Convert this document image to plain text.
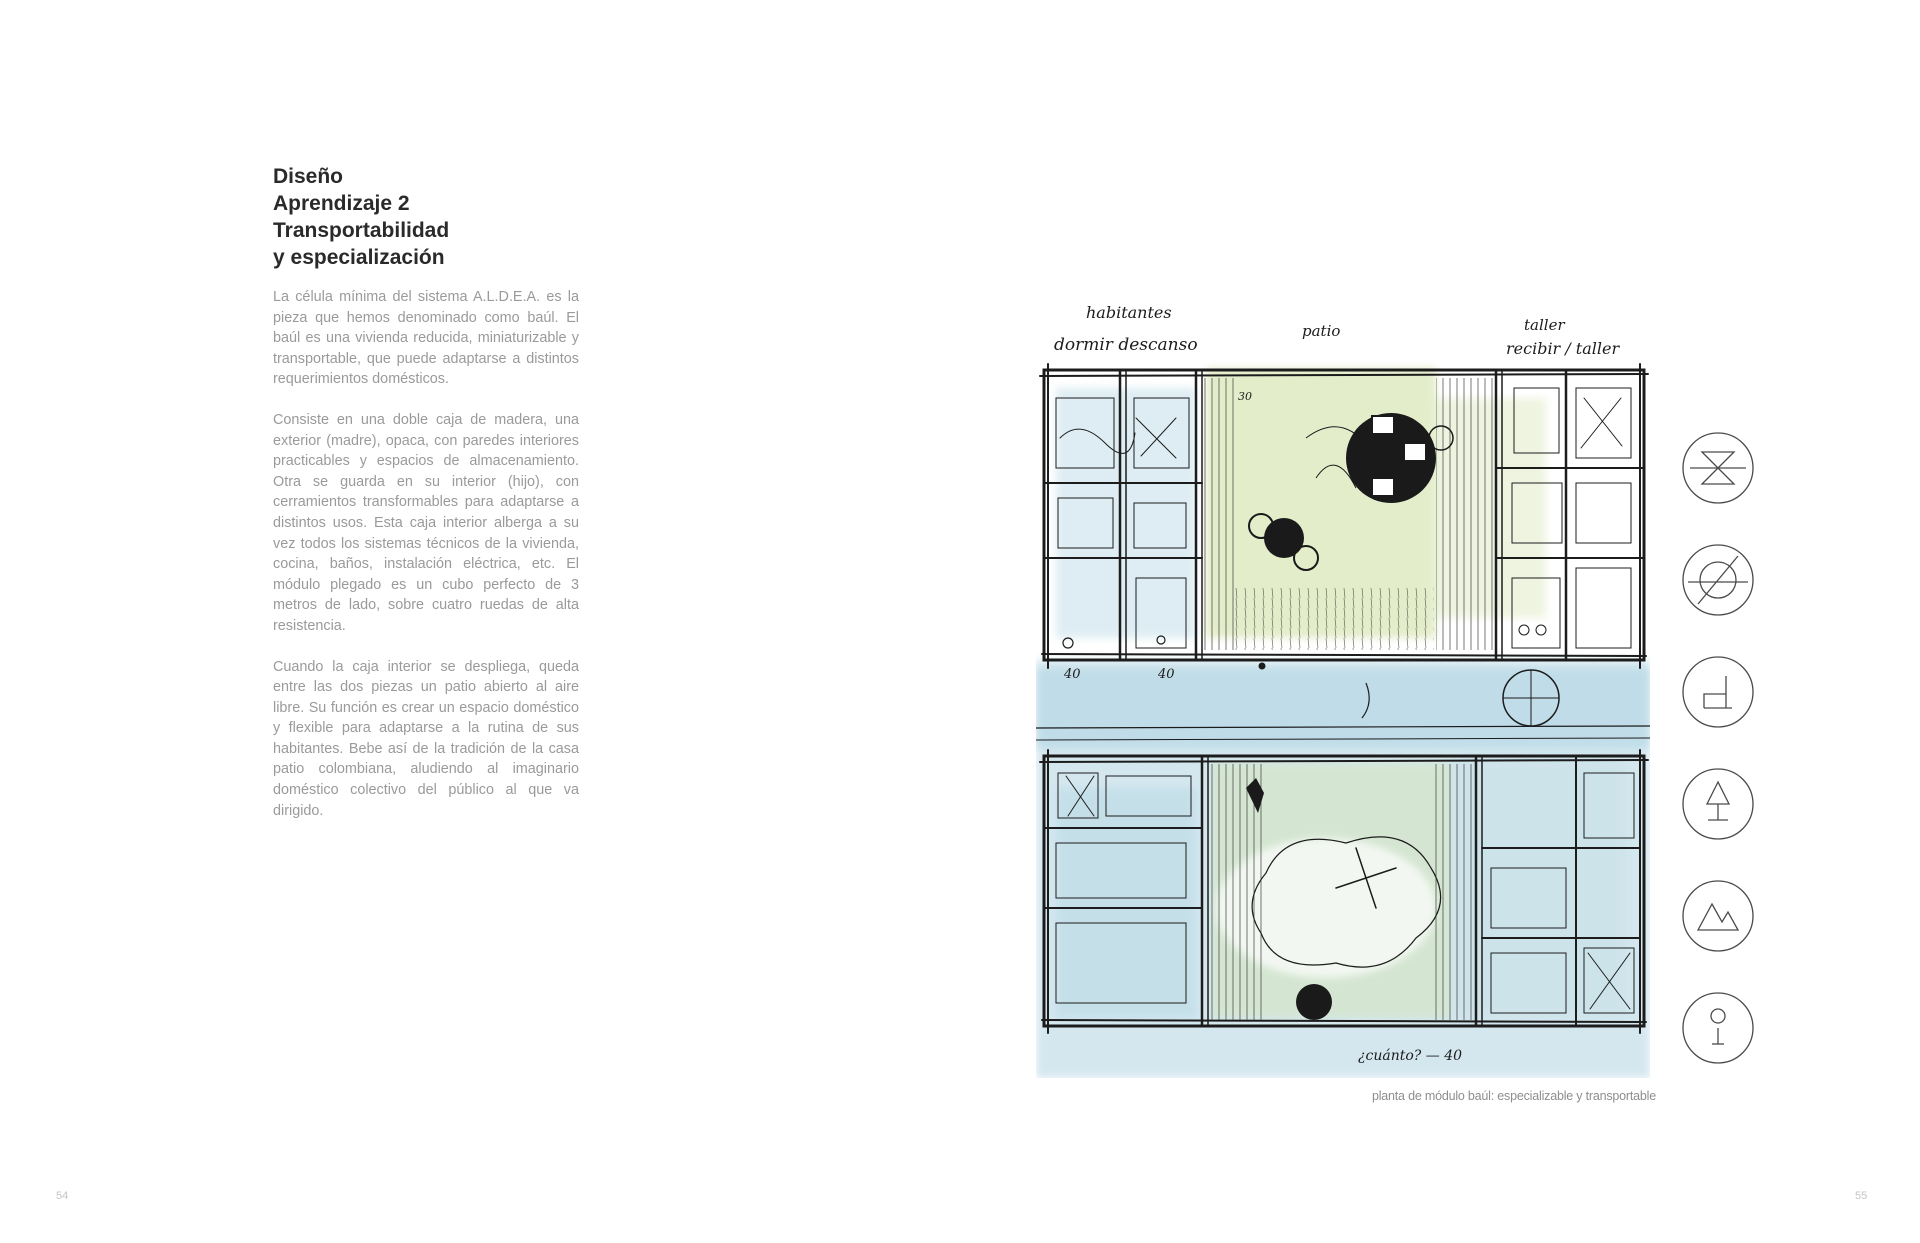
Diseño
Aprendizaje 2
Transportabilidad
y especialización

La célula mínima del sistema A.L.D.E.A. es la pieza que hemos denominado como baúl. El baúl es una vivienda reducida, miniaturizable y transportable, que puede adaptarse a distintos requerimientos domésticos.

Consiste en una doble caja de madera, una exterior (madre), opaca, con paredes interiores practicables y espacios de almacenamiento. Otra se guarda en su interior (hijo), con cerramientos transformables para adaptarse a distintos usos. Esta caja interior alberga a su vez todos los sistemas técnicos de la vivienda, cocina, baños, instalación eléctrica, etc. El módulo plegado es un cubo perfecto de 3 metros de lado, sobre cuatro ruedas de alta resistencia.

Cuando la caja interior se despliega, queda entre las dos piezas un patio abierto al aire libre. Su función es crear un espacio doméstico y flexible para adaptarse a la rutina de sus habitantes. Bebe así de la tradición de la casa patio colombiana, aludiendo al imaginario doméstico colectivo del público al que va dirigido.

habitantes
dormir descanso
patio	taller
recibir / taller
30
40	40
¿cuánto? — 40
planta de módulo baúl: especializable y transportable
54	55
